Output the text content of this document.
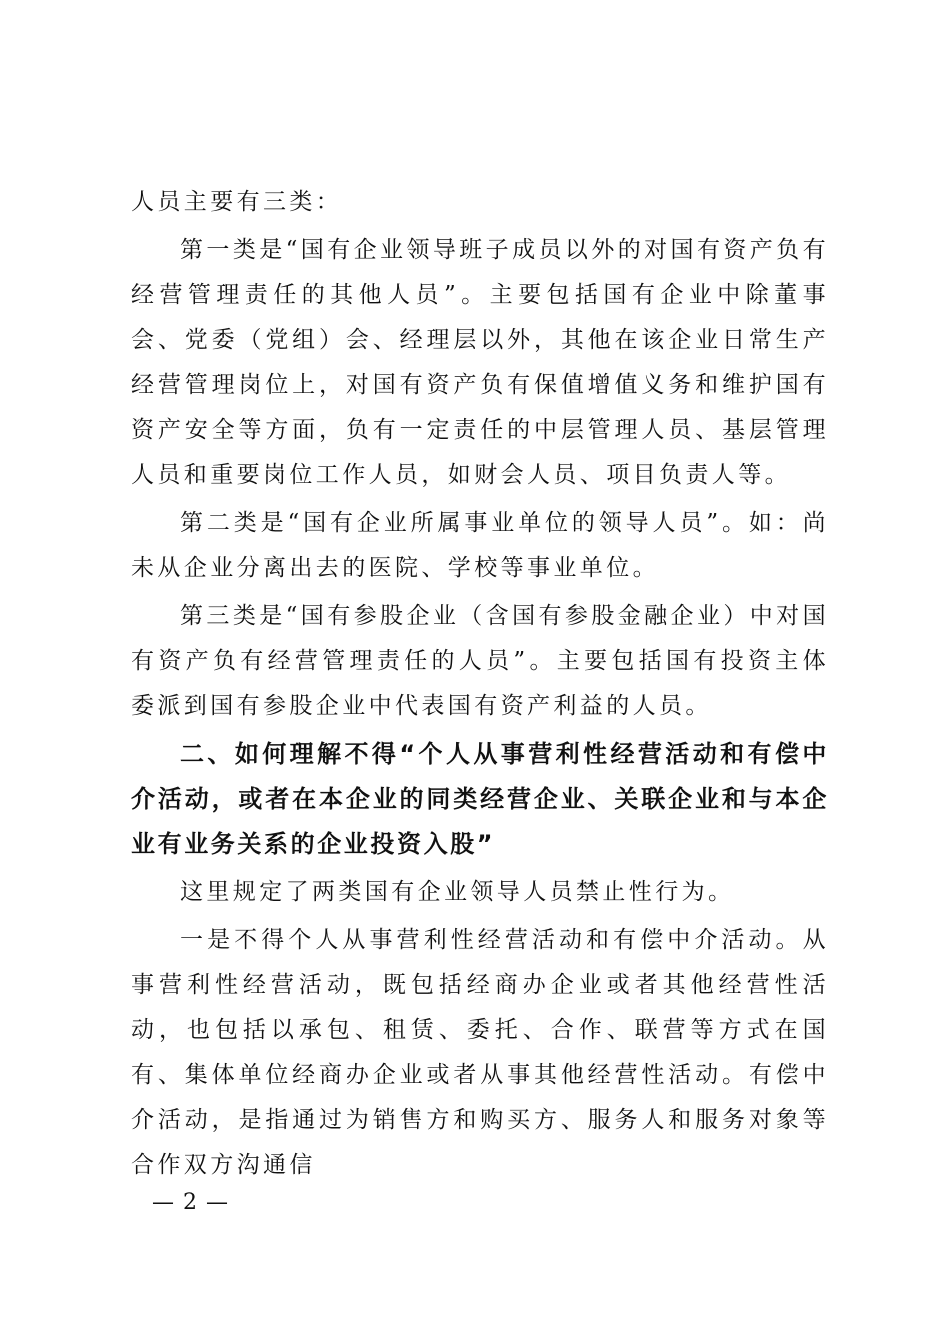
人员主要有三类：

第一类是“国有企业领导班子成员以外的对国有资产负有经营管理责任的其他人员”。主要包括国有企业中除董事会、党委（党组）会、经理层以外，其他在该企业日常生产经营管理岗位上，对国有资产负有保值增值义务和维护国有资产安全等方面，负有一定责任的中层管理人员、基层管理人员和重要岗位工作人员，如财会人员、项目负责人等。

第二类是“国有企业所属事业单位的领导人员”。如：尚未从企业分离出去的医院、学校等事业单位。

第三类是“国有参股企业（含国有参股金融企业）中对国有资产负有经营管理责任的人员”。主要包括国有投资主体委派到国有参股企业中代表国有资产利益的人员。

二、如何理解不得“个人从事营利性经营活动和有偿中介活动，或者在本企业的同类经营企业、关联企业和与本企业有业务关系的企业投资入股”

这里规定了两类国有企业领导人员禁止性行为。

一是不得个人从事营利性经营活动和有偿中介活动。从事营利性经营活动，既包括经商办企业或者其他经营性活动，也包括以承包、租赁、委托、合作、联营等方式在国有、集体单位经商办企业或者从事其他经营性活动。有偿中介活动，是指通过为销售方和购买方、服务人和服务对象等合作双方沟通信

— 2 —
